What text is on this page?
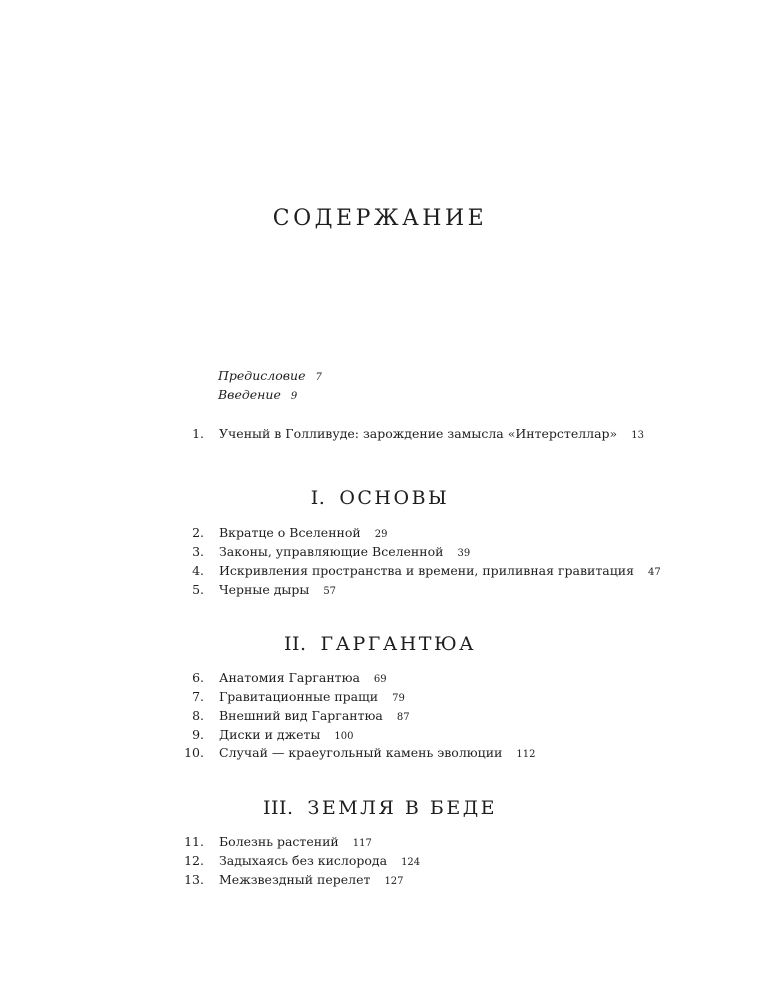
СОДЕРЖАНИЕ
Предисловие 7
Введение 9
1. Ученый в Голливуде: зарождение замысла «Интерстеллар» 13
I. ОСНОВЫ
2. Вкратце о Вселенной 29
3. Законы, управляющие Вселенной 39
4. Искривления пространства и времени, приливная гравитация 47
5. Черные дыры 57
II. ГАРГАНТЮА
6. Анатомия Гаргантюа 69
7. Гравитационные пращи 79
8. Внешний вид Гаргантюа 87
9. Диски и джеты 100
10. Случай — краеугольный камень эволюции 112
III. ЗЕМЛЯ В БЕДЕ
11. Болезнь растений 117
12. Задыхаясь без кислорода 124
13. Межзвездный перелет 127
